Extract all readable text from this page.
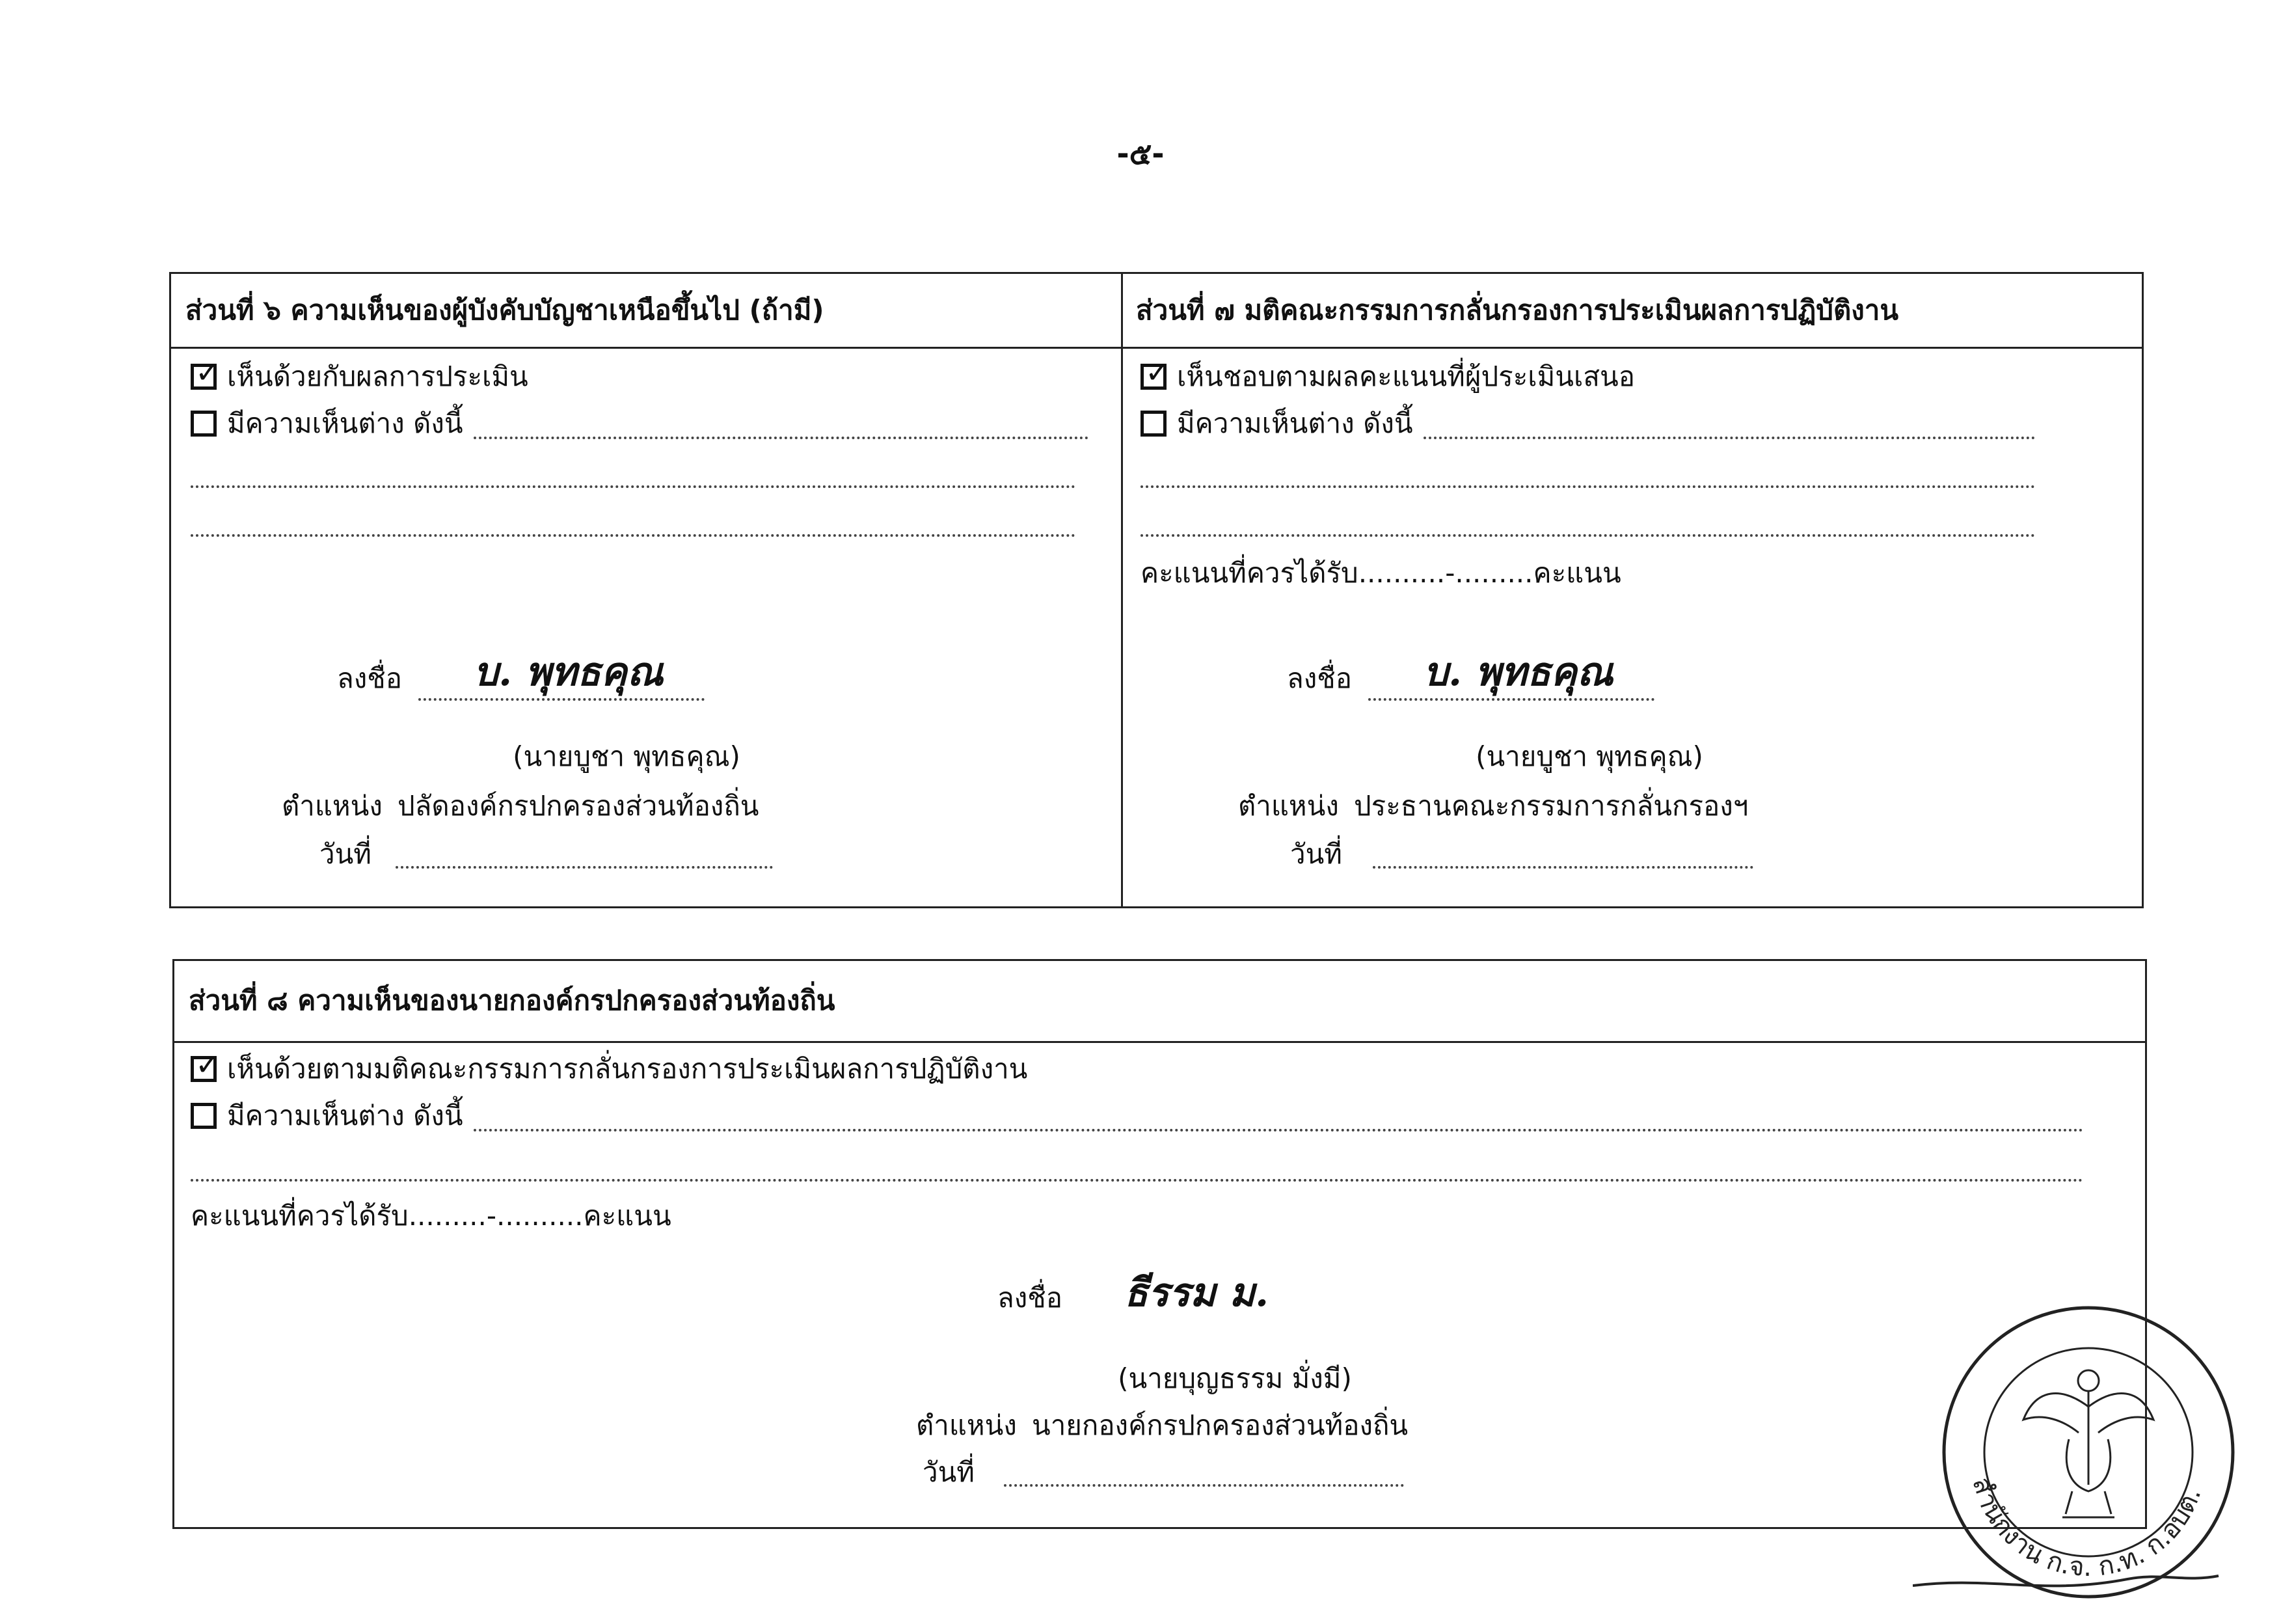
-๕-
ส่วนที่ ๖ ความเห็นของผู้บังคับบัญชาเหนือขึ้นไป (ถ้ามี)	ส่วนที่ ๗ มติคณะกรรมการกลั่นกรองการประเมินผลการปฏิบัติงาน
✓ เห็นด้วยกับผลการประเมิน
มีความเห็นต่าง ดังนี้
ลงชื่อ บ. พุทธคุณ
(นายบูชา พุทธคุณ)
ตำแหน่ง ปลัดองค์กรปกครองส่วนท้องถิ่น
วันที่
✓ เห็นชอบตามผลคะแนนที่ผู้ประเมินเสนอ
มีความเห็นต่าง ดังนี้
คะแนนที่ควรได้รับ..........-.........คะแนน
ลงชื่อ บ. พุทธคุณ
(นายบูชา พุทธคุณ)
ตำแหน่ง ประธานคณะกรรมการกลั่นกรองฯ
วันที่
ส่วนที่ ๘ ความเห็นของนายกองค์กรปกครองส่วนท้องถิ่น
✓ เห็นด้วยตามมติคณะกรรมการกลั่นกรองการประเมินผลการปฏิบัติงาน
มีความเห็นต่าง ดังนี้
คะแนนที่ควรได้รับ.........-..........คะแนน
ลงชื่อ ธีรรม ม.
(นายบุญธรรม มั่งมี)
ตำแหน่ง นายกองค์กรปกครองส่วนท้องถิ่น
วันที่
สำนักงาน ก.จ. ก.ท. ก.อบต.
